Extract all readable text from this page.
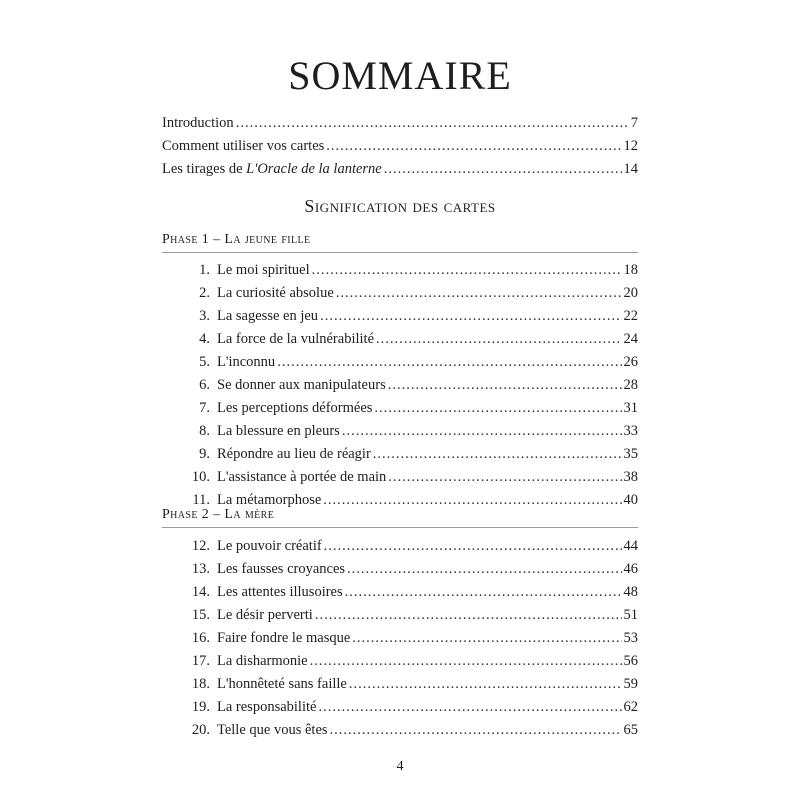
SOMMAIRE
Introduction .....	7
Comment utiliser vos cartes .....	12
Les tirages de L'Oracle de la lanterne .....	14
Signification des cartes
Phase 1 – La jeune fille
1. Le moi spirituel .....	18
2. La curiosité absolue .....	20
3. La sagesse en jeu .....	22
4. La force de la vulnérabilité .....	24
5. L'inconnu .....	26
6. Se donner aux manipulateurs .....	28
7. Les perceptions déformées .....	31
8. La blessure en pleurs .....	33
9. Répondre au lieu de réagir .....	35
10. L'assistance à portée de main .....	38
11. La métamorphose .....	40
Phase 2 – La mère
12. Le pouvoir créatif .....	44
13. Les fausses croyances .....	46
14. Les attentes illusoires .....	48
15. Le désir perverti .....	51
16. Faire fondre le masque .....	53
17. La disharmonie .....	56
18. L'honnêteté sans faille .....	59
19. La responsabilité .....	62
20. Telle que vous êtes .....	65
4
